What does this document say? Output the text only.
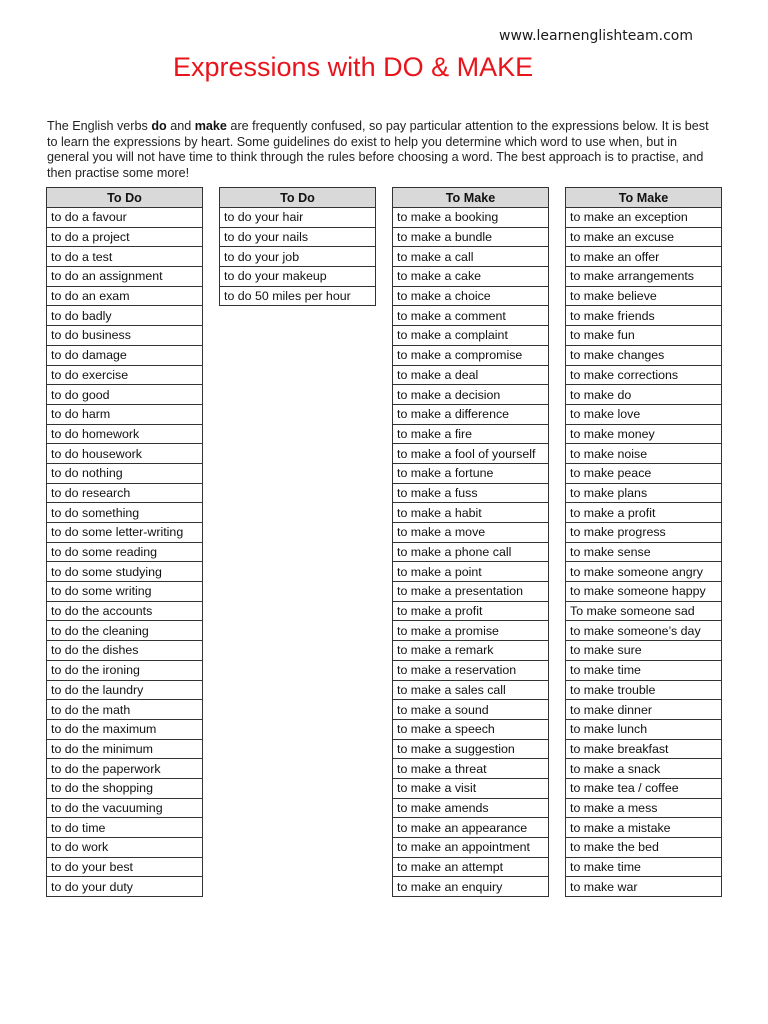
www.learnenglishteam.com
Expressions with DO & MAKE

The English verbs do and make are frequently confused, so pay particular attention to the expressions below. It is best to learn the expressions by heart. Some guidelines do exist to help you determine which word to use when, but in general you will not have time to think through the rules before choosing a word. The best approach is to practise, and then practise some more!

To Do
to do a favour
to do a project
to do a test
to do an assignment
to do an exam
to do badly
to do business
to do damage
to do exercise
to do good
to do harm
to do homework
to do housework
to do nothing
to do research
to do something
to do some letter-writing
to do some reading
to do some studying
to do some writing
to do the accounts
to do the cleaning
to do the dishes
to do the ironing
to do the laundry
to do the math
to do the maximum
to do the minimum
to do the paperwork
to do the shopping
to do the vacuuming
to do time
to do work
to do your best
to do your duty
To Do
to do your hair
to do your nails
to do your job
to do your makeup
to do 50 miles per hour
To Make
to make a booking
to make a bundle
to make a call
to make a cake
to make a choice
to make a comment
to make a complaint
to make a compromise
to make a deal
to make a decision
to make a difference
to make a fire
to make a fool of yourself
to make a fortune
to make a fuss
to make a habit
to make a move
to make a phone call
to make a point
to make a presentation
to make a profit
to make a promise
to make a remark
to make a reservation
to make a sales call
to make a sound
to make a speech
to make a suggestion
to make a threat
to make a visit
to make amends
to make an appearance
to make an appointment
to make an attempt
to make an enquiry
To Make
to make an exception
to make an excuse
to make an offer
to make arrangements
to make believe
to make friends
to make fun
to make changes
to make corrections
to make do
to make love
to make money
to make noise
to make peace
to make plans
to make a profit
to make progress
to make sense
to make someone angry
to make someone happy
To make someone sad
to make someone’s day
to make sure
to make time
to make trouble
to make dinner
to make lunch
to make breakfast
to make a snack
to make tea / coffee
to make a mess
to make a mistake
to make the bed
to make time
to make war
